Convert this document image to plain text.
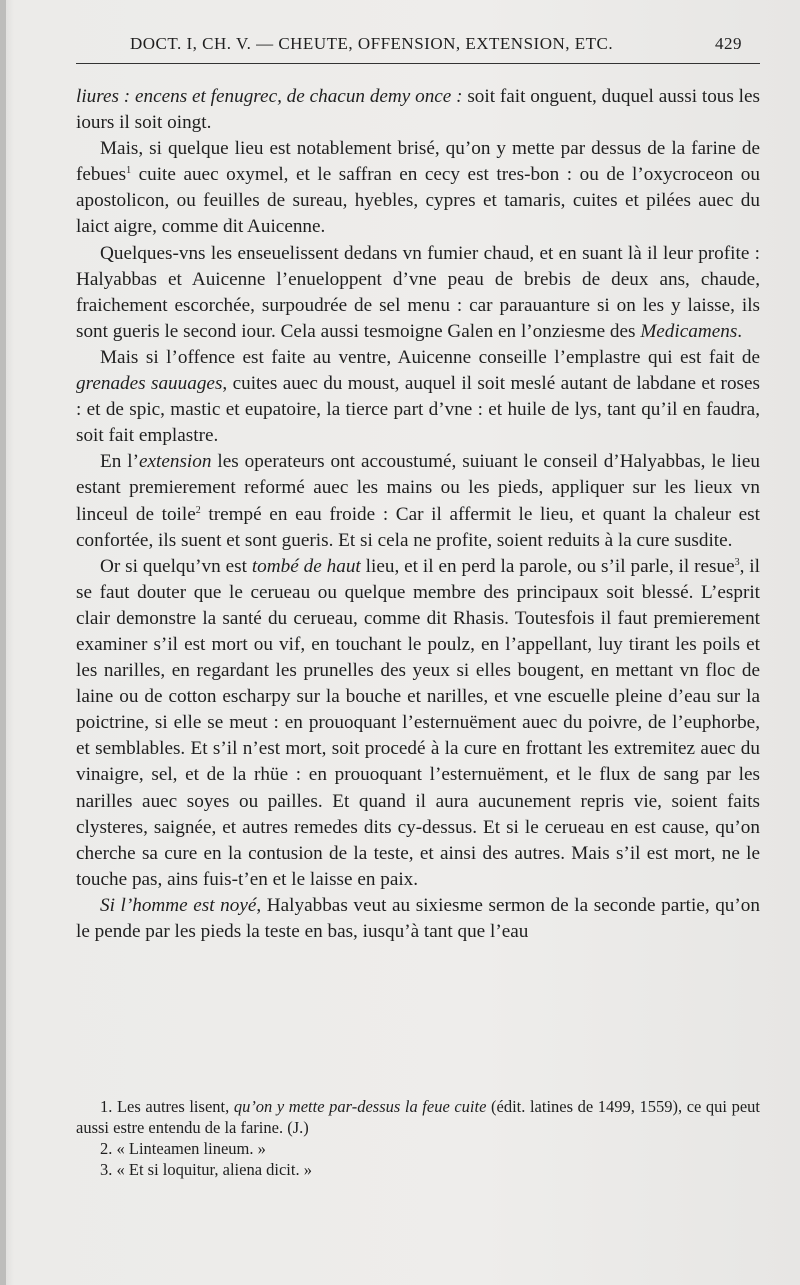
DOCT. I, CH. V. — CHEUTE, OFFENSION, EXTENSION, ETC.	429

liures : encens et fenugrec, de chacun demy once : soit fait onguent, duquel aussi tous les iours il soit oingt.

Mais, si quelque lieu est notablement brisé, qu’on y mette par dessus de la farine de febues$^1$ cuite auec oxymel, et le saffran en cecy est tres-bon : ou de l’oxycroceon ou apostolicon, ou feuilles de sureau, hyebles, cypres et tamaris, cuites et pilées auec du laict aigre, comme dit Auicenne.

Quelques-vns les enseuelissent dedans vn fumier chaud, et en suant là il leur profite : Halyabbas et Auicenne l’enueloppent d’vne peau de brebis de deux ans, chaude, fraichement escorchée, surpoudrée de sel menu : car parauanture si on les y laisse, ils sont gueris le second iour. Cela aussi tesmoigne Galen en l’onziesme des Medicamens.

Mais si l’offence est faite au ventre, Auicenne conseille l’emplastre qui est fait de grenades sauuages, cuites auec du moust, auquel il soit meslé autant de labdane et roses : et de spic, mastic et eupatoire, la tierce part d’vne : et huile de lys, tant qu’il en faudra, soit fait emplastre.

En l’extension les operateurs ont accoustumé, suiuant le conseil d’Halyabbas, le lieu estant premierement reformé auec les mains ou les pieds, appliquer sur les lieux vn linceul de toile$^2$ trempé en eau froide : Car il affermit le lieu, et quant la chaleur est confortée, ils suent et sont gueris. Et si cela ne profite, soient reduits à la cure susdite.

Or si quelqu’vn est tombé de haut lieu, et il en perd la parole, ou s’il parle, il resue$^3$, il se faut douter que le cerueau ou quelque membre des principaux soit blessé. L’esprit clair demonstre la santé du cerueau, comme dit Rhasis. Toutesfois il faut premierement examiner s’il est mort ou vif, en touchant le poulz, en l’appellant, luy tirant les poils et les narilles, en regardant les prunelles des yeux si elles bougent, en mettant vn floc de laine ou de cotton escharpy sur la bouche et narilles, et vne escuelle pleine d’eau sur la poictrine, si elle se meut : en prouoquant l’esternuëment auec du poivre, de l’euphorbe, et semblables. Et s’il n’est mort, soit procedé à la cure en frottant les extremitez auec du vinaigre, sel, et de la rhüe : en prouoquant l’esternuëment, et le flux de sang par les narilles auec soyes ou pailles. Et quand il aura aucunement repris vie, soient faits clysteres, saignée, et autres remedes dits cy-dessus. Et si le cerueau en est cause, qu’on cherche sa cure en la contusion de la teste, et ainsi des autres. Mais s’il est mort, ne le touche pas, ains fuis-t’en et le laisse en paix.

Si l’homme est noyé, Halyabbas veut au sixiesme sermon de la seconde partie, qu’on le pende par les pieds la teste en bas, iusqu’à tant que l’eau

1. Les autres lisent, qu’on y mette par-dessus la feue cuite (édit. latines de 1499, 1559), ce qui peut aussi estre entendu de la farine. (J.)

2. « Linteamen lineum. »

3. « Et si loquitur, aliena dicit. »
